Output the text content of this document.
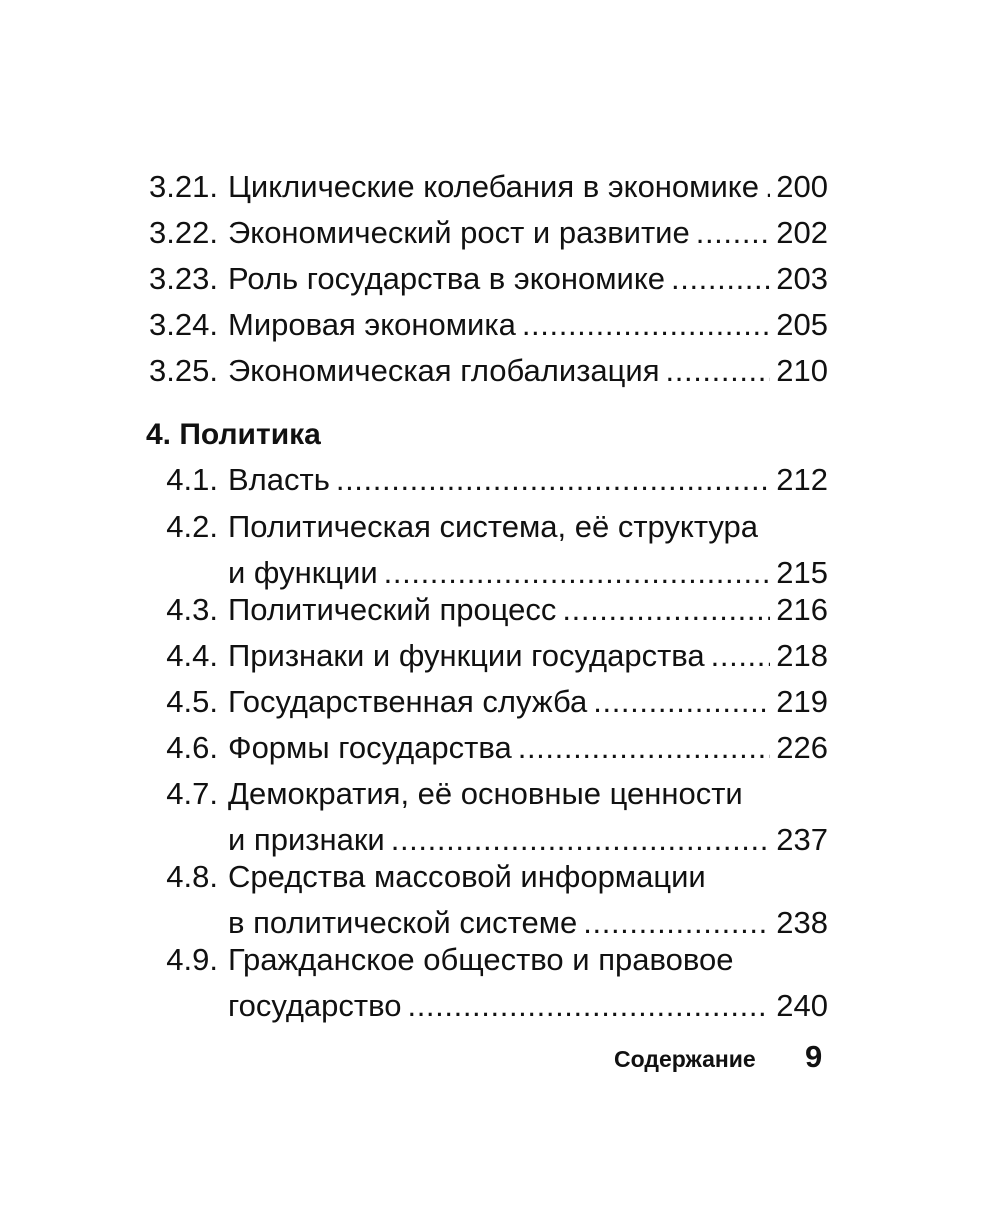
3.21. Циклические колебания в экономике . . . 200
3.22. Экономический рост и развитие . . .	202
3.23. Роль государства в экономике . . .	203
3.24. Мировая экономика . . .	205
3.25. Экономическая глобализация . . .	210
4. Политика
4.1. Власть . . .	212
4.2. Политическая система, её структура
и функции . . .	215
4.3. Политический процесс . . .	216
4.4. Признаки и функции государства . . . 218
4.5. Государственная служба . . .	219
4.6. Формы государства . . .	226
4.7. Демократия, её основные ценности
и признаки . . .	237
4.8. Средства массовой информации
в политической системе . . .	238
4.9. Гражданское общество и правовое
государство . . .	240
Содержание 9
